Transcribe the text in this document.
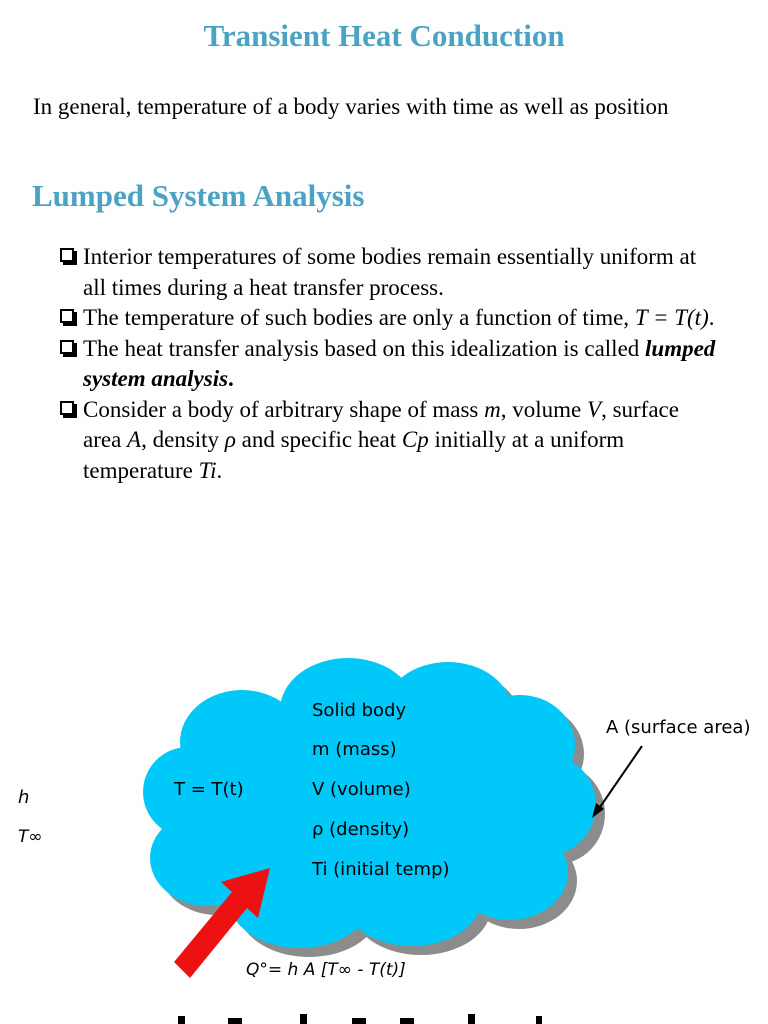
Transient Heat Conduction
In general, temperature of a body varies with time as well as position
Lumped System Analysis
Interior temperatures of some bodies remain essentially uniform at all times during a heat transfer process.
The temperature of such bodies are only a function of time, T = T(t).
The heat transfer analysis based on this idealization is called lumped system analysis.
Consider a body of arbitrary shape of mass m, volume V, surface area A, density ρ and specific heat Cp initially at a uniform temperature Ti.
h
T∞
T = T(t)
Solid body
m (mass)
V (volume)
ρ (density)
Ti (initial temp)
A (surface area)
Q°= h A [T∞ - T(t)]
